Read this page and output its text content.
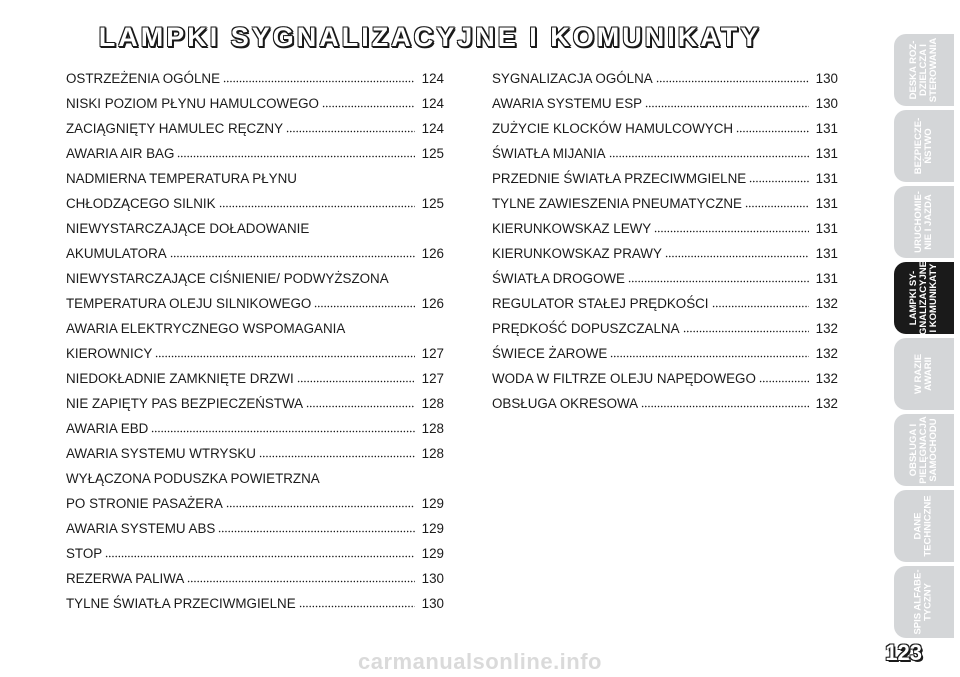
LAMPKI SYGNALIZACYJNE I KOMUNIKATY
OSTRZEŻENIA OGÓLNE	124
NISKI POZIOM PŁYNU HAMULCOWEGO	124
ZACIĄGNIĘTY HAMULEC RĘCZNY	124
AWARIA AIR BAG	125
NADMIERNA TEMPERATURA PŁYNU
CHŁODZĄCEGO SILNIK	125
NIEWYSTARCZAJĄCE DOŁADOWANIE
AKUMULATORA	126
NIEWYSTARCZAJĄCE CIŚNIENIE/ PODWYŻSZONA
TEMPERATURA OLEJU SILNIKOWEGO	126
AWARIA ELEKTRYCZNEGO WSPOMAGANIA
KIEROWNICY	127
NIEDOKŁADNIE ZAMKNIĘTE DRZWI	127
NIE ZAPIĘTY PAS BEZPIECZEŃSTWA	128
AWARIA EBD	128
AWARIA SYSTEMU WTRYSKU	128
WYŁĄCZONA PODUSZKA POWIETRZNA
PO STRONIE PASAŻERA	129
AWARIA SYSTEMU ABS	129
STOP	129
REZERWA PALIWA	130
TYLNE ŚWIATŁA PRZECIWMGIELNE	130
SYGNALIZACJA OGÓLNA	130
AWARIA SYSTEMU ESP	130
ZUŻYCIE KLOCKÓW HAMULCOWYCH	131
ŚWIATŁA MIJANIA	131
PRZEDNIE ŚWIATŁA PRZECIWMGIELNE	131
TYLNE ZAWIESZENIA PNEUMATYCZNE	131
KIERUNKOWSKAZ LEWY	131
KIERUNKOWSKAZ PRAWY	131
ŚWIATŁA DROGOWE	131
REGULATOR STAŁEJ PRĘDKOŚCI	132
PRĘDKOŚĆ DOPUSZCZALNA	132
ŚWIECE ŻAROWE	132
WODA W FILTRZE OLEJU NAPĘDOWEGO	132
OBSŁUGA OKRESOWA	132
DESKA ROZ- DZIELCZA I STEROWANIA
BEZPIECZE- ŃSTWO
URUCHOMIE- NIE I JAZDA
LAMPKI SY- GNALIZACYJNE I KOMUNIKATY
W RAZIE AWARII
OBSŁUGA I PIELĘGNACJA SAMOCHODU
DANE TECHNICZNE
SPIS ALFABE- TYCZNY
123
carmanualsonline.info
